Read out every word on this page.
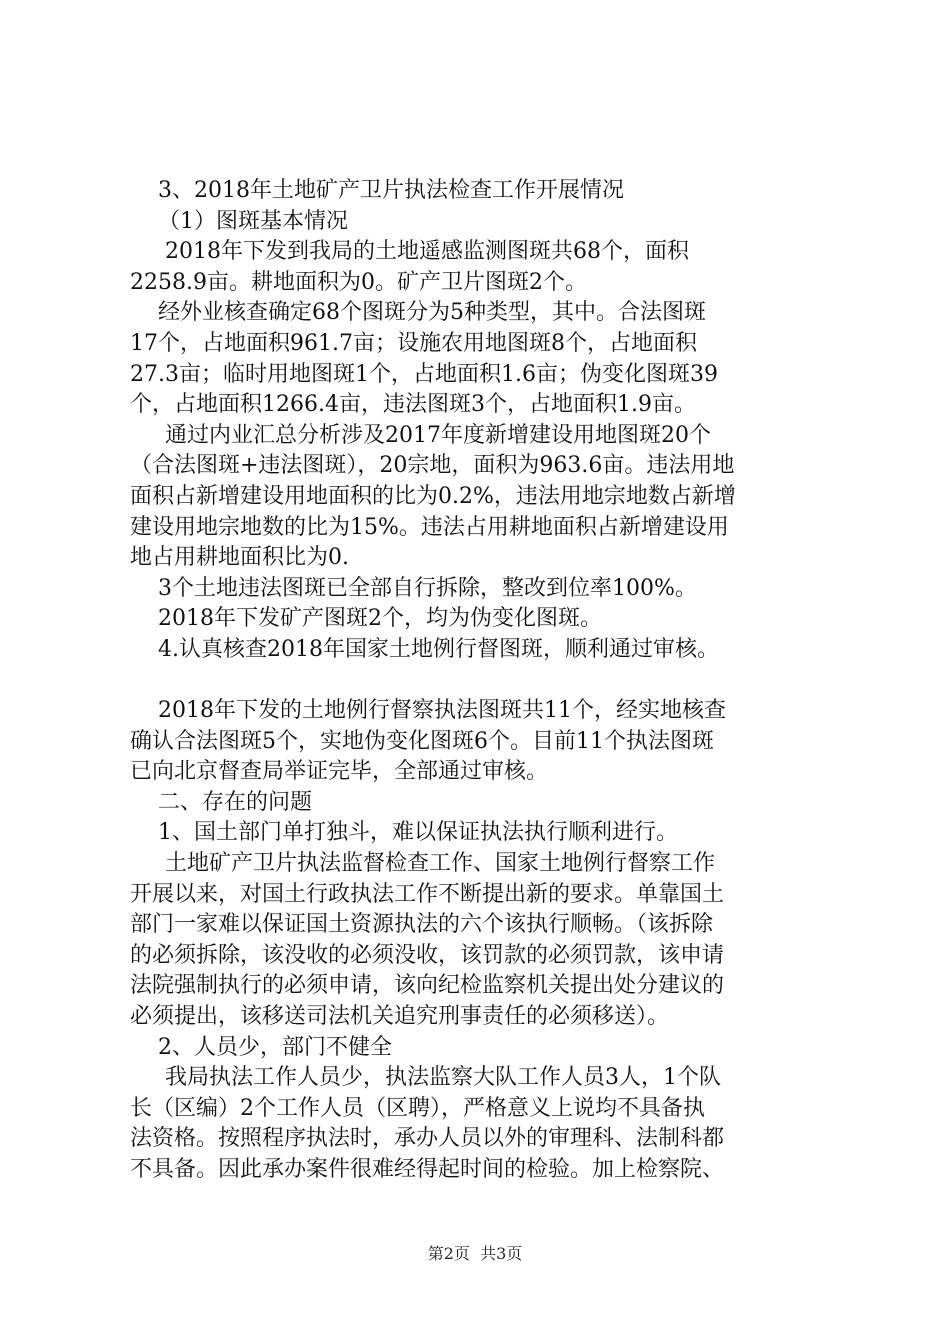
3、2018年土地矿产卫片执法检查工作开展情况
（1）图斑基本情况
2018年下发到我局的土地遥感监测图斑共68个，面积
2258.9亩。耕地面积为0。矿产卫片图斑2个。
经外业核查确定68个图斑分为5种类型，其中。合法图斑
17个，占地面积961.7亩；设施农用地图斑8个，占地面积
27.3亩；临时用地图斑1个，占地面积1.6亩；伪变化图斑39
个，占地面积1266.4亩，违法图斑3个，占地面积1.9亩。
通过内业汇总分析涉及2017年度新增建设用地图斑20个
（合法图斑+违法图斑），20宗地，面积为963.6亩。违法用地
面积占新增建设用地面积的比为0.2%，违法用地宗地数占新增
建设用地宗地数的比为15%。违法占用耕地面积占新增建设用
地占用耕地面积比为0.
3个土地违法图斑已全部自行拆除，整改到位率100%。
2018年下发矿产图斑2个，均为伪变化图斑。
4.认真核查2018年国家土地例行督图斑，顺利通过审核。
2018年下发的土地例行督察执法图斑共11个，经实地核查
确认合法图斑5个，实地伪变化图斑6个。目前11个执法图斑
已向北京督查局举证完毕，全部通过审核。
二、存在的问题
1、国土部门单打独斗，难以保证执法执行顺利进行。
土地矿产卫片执法监督检查工作、国家土地例行督察工作
开展以来，对国土行政执法工作不断提出新的要求。单靠国土
部门一家难以保证国土资源执法的六个该执行顺畅。（该拆除
的必须拆除，该没收的必须没收，该罚款的必须罚款，该申请
法院强制执行的必须申请，该向纪检监察机关提出处分建议的
必须提出，该移送司法机关追究刑事责任的必须移送）。
2、人员少，部门不健全
我局执法工作人员少，执法监察大队工作人员3人，1个队
长（区编）2个工作人员（区聘），严格意义上说均不具备执
法资格。按照程序执法时，承办人员以外的审理科、法制科都
不具备。因此承办案件很难经得起时间的检验。加上检察院、
第2页  共3页
